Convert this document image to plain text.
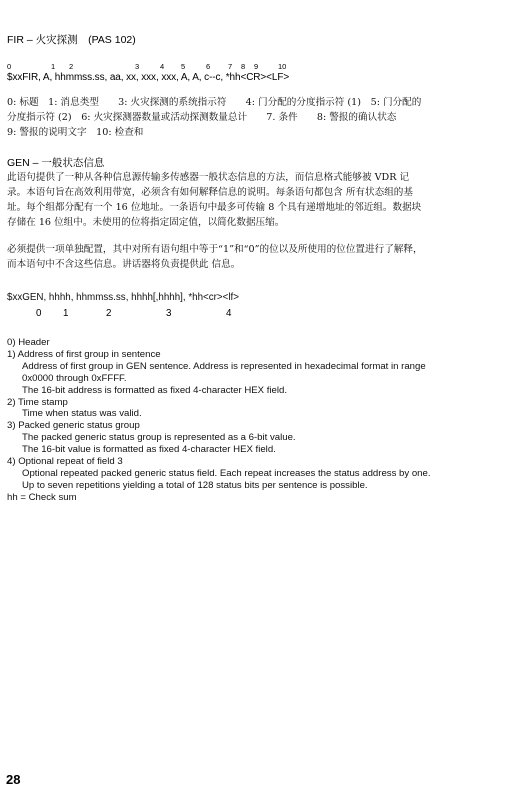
FIR – 火灾探测　(PAS 102)
0	1 2	3	4 5	6 7 8 9	10
$xxFIR, A, hhmmss.ss, aa, xx, xxx, xxx, A, A, c--c, *hh<CR><LF>
0: 标题　1: 消息类型　　3: 火灾探测的系统指示符　　4: 门分配的分度指示符 (1)　5: 门分配的
分度指示符 (2)　6: 火灾探测器数量或活动探测数量总计　　7. 条件　　8: 警报的确认状态
9: 警报的说明文字　10: 检查和
GEN – 一般状态信息
此语句提供了一种从各种信息源传输多传感器一般状态信息的方法，而信息格式能够被 VDR 记
录。本语句旨在高效利用带宽，必须含有如何解释信息的说明。每条语句都包含 所有状态组的基
址。每个组都分配有一个 16 位地址。一条语句中最多可传输 8 个具有递增地址的邻近组。数据块
存储在 16 位组中。未使用的位将指定固定值，以简化数据压缩。
必须提供一项单独配置，其中对所有语句组中等于“1”和“0”的位以及所使用的位位置进行了解释，
而本语句中不含这些信息。讲话器将负责提供此 信息。
$xxGEN, hhhh, hhmmss.ss, hhhh[,hhhh], *hh<cr><lf>
0 1	2	3	4
0) Header
1) Address of first group in sentence
Address of first group in GEN sentence. Address is represented in hexadecimal format in range
0x0000 through 0xFFFF.
The 16-bit address is formatted as fixed 4-character HEX field.
2) Time stamp
Time when status was valid.
3) Packed generic status group
The packed generic status group is represented as a 6-bit value.
The 16-bit value is formatted as fixed 4-character HEX field.
4) Optional repeat of field 3
Optional repeated packed generic status field. Each repeat increases the status address by one.
Up to seven repetitions yielding a total of 128 status bits per sentence is possible.
hh = Check sum
28
